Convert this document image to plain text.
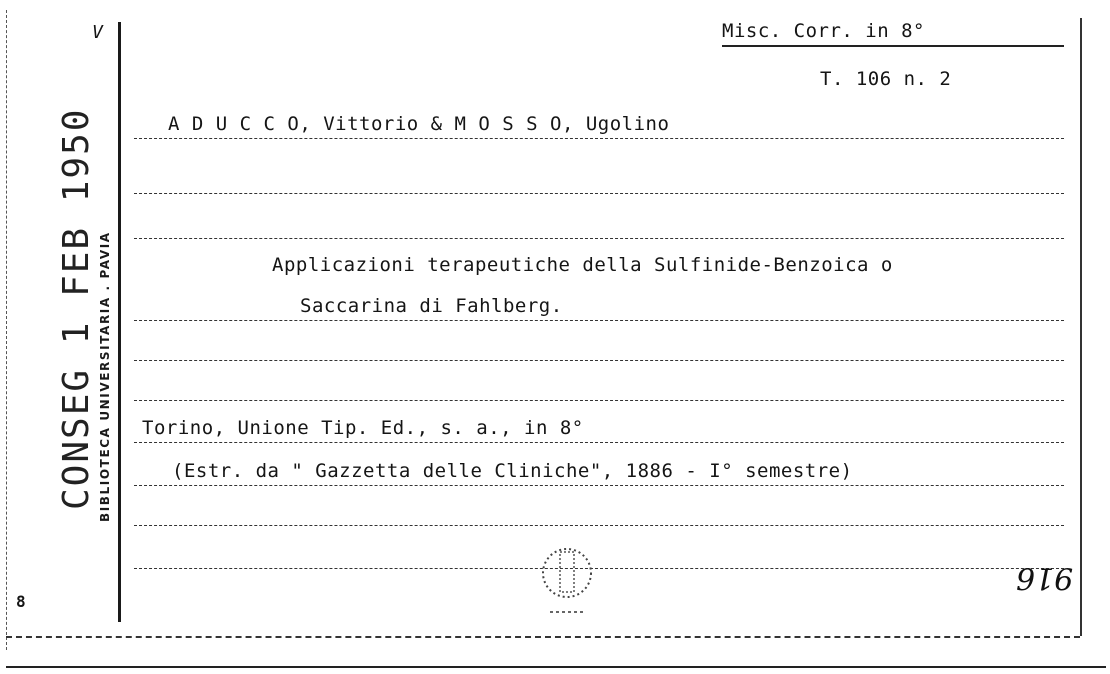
V	Misc. Corr. in 8°
T. 106 n. 2
A D U C C O, Vittorio & M O S S O, Ugolino
Applicazioni terapeutiche della Sulfinide-Benzoica o
Saccarina di Fahlberg.
Torino, Unione Tip. Ed., s. a., in 8°
(Estr. da " Gazzetta delle Cliniche", 1886 - I° semestre)
916
8
BIBLIOTECA UNIVERSITARIA . PAVIA
CONSEG 1 FEB 1950
